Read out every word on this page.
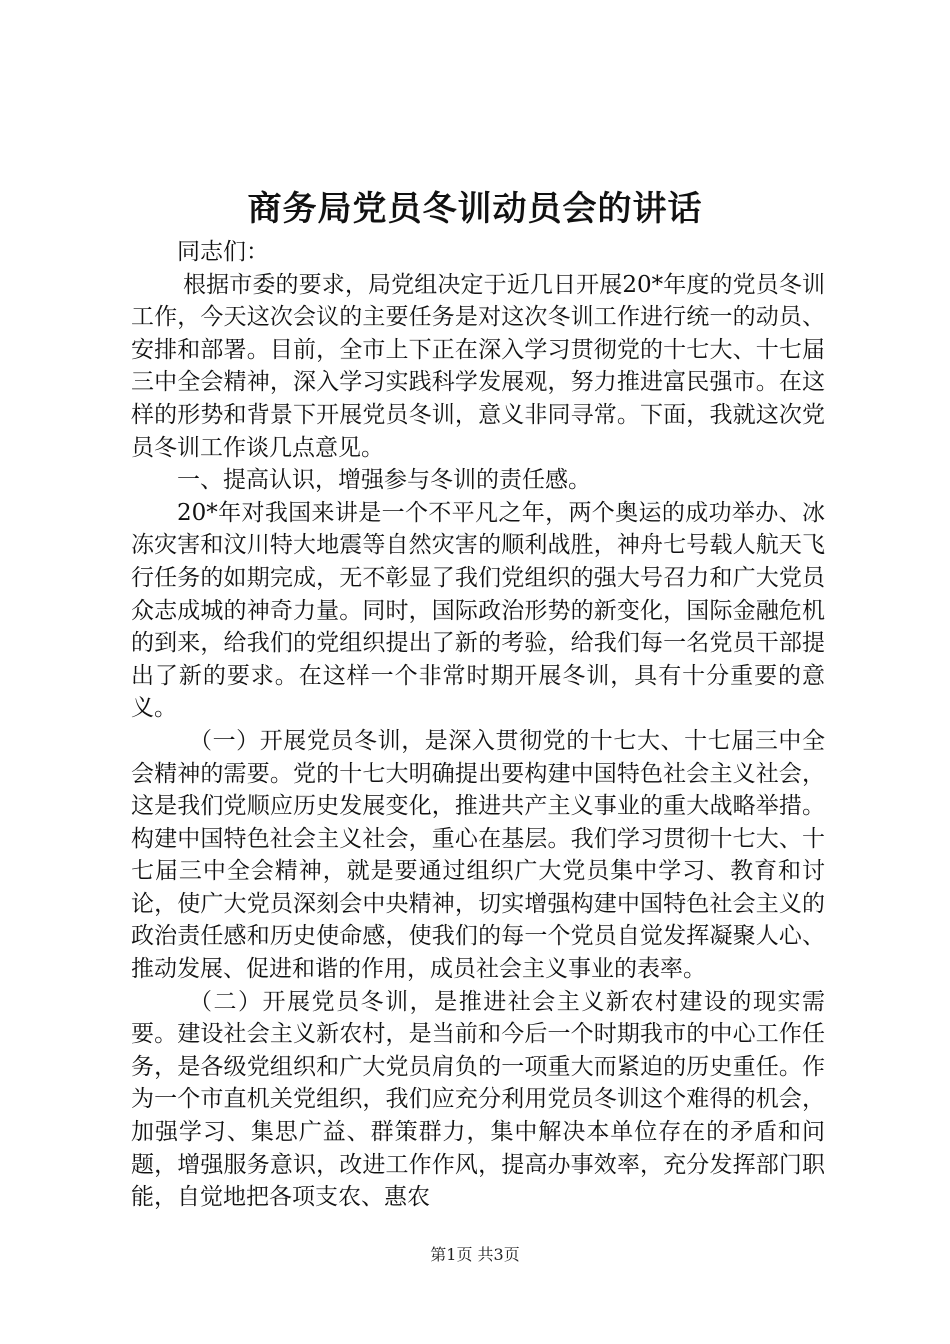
商务局党员冬训动员会的讲话

同志们：

根据市委的要求，局党组决定于近几日开展20*年度的党员冬训工作，今天这次会议的主要任务是对这次冬训工作进行统一的动员、安排和部署。目前，全市上下正在深入学习贯彻党的十七大、十七届三中全会精神，深入学习实践科学发展观，努力推进富民强市。在这样的形势和背景下开展党员冬训，意义非同寻常。下面，我就这次党员冬训工作谈几点意见。

一、提高认识，增强参与冬训的责任感。

20*年对我国来讲是一个不平凡之年，两个奥运的成功举办、冰冻灾害和汶川特大地震等自然灾害的顺利战胜，神舟七号载人航天飞行任务的如期完成，无不彰显了我们党组织的强大号召力和广大党员众志成城的神奇力量。同时，国际政治形势的新变化，国际金融危机的到来，给我们的党组织提出了新的考验，给我们每一名党员干部提出了新的要求。在这样一个非常时期开展冬训，具有十分重要的意义。

（一）开展党员冬训，是深入贯彻党的十七大、十七届三中全会精神的需要。党的十七大明确提出要构建中国特色社会主义社会，这是我们党顺应历史发展变化，推进共产主义事业的重大战略举措。构建中国特色社会主义社会，重心在基层。我们学习贯彻十七大、十七届三中全会精神，就是要通过组织广大党员集中学习、教育和讨论，使广大党员深刻会中央精神，切实增强构建中国特色社会主义的政治责任感和历史使命感，使我们的每一个党员自觉发挥凝聚人心、推动发展、促进和谐的作用，成员社会主义事业的表率。

（二）开展党员冬训，是推进社会主义新农村建设的现实需要。建设社会主义新农村，是当前和今后一个时期我市的中心工作任务，是各级党组织和广大党员肩负的一项重大而紧迫的历史重任。作为一个市直机关党组织，我们应充分利用党员冬训这个难得的机会，加强学习、集思广益、群策群力，集中解决本单位存在的矛盾和问题，增强服务意识，改进工作作风，提高办事效率，充分发挥部门职能，自觉地把各项支农、惠农

第1页 共3页
